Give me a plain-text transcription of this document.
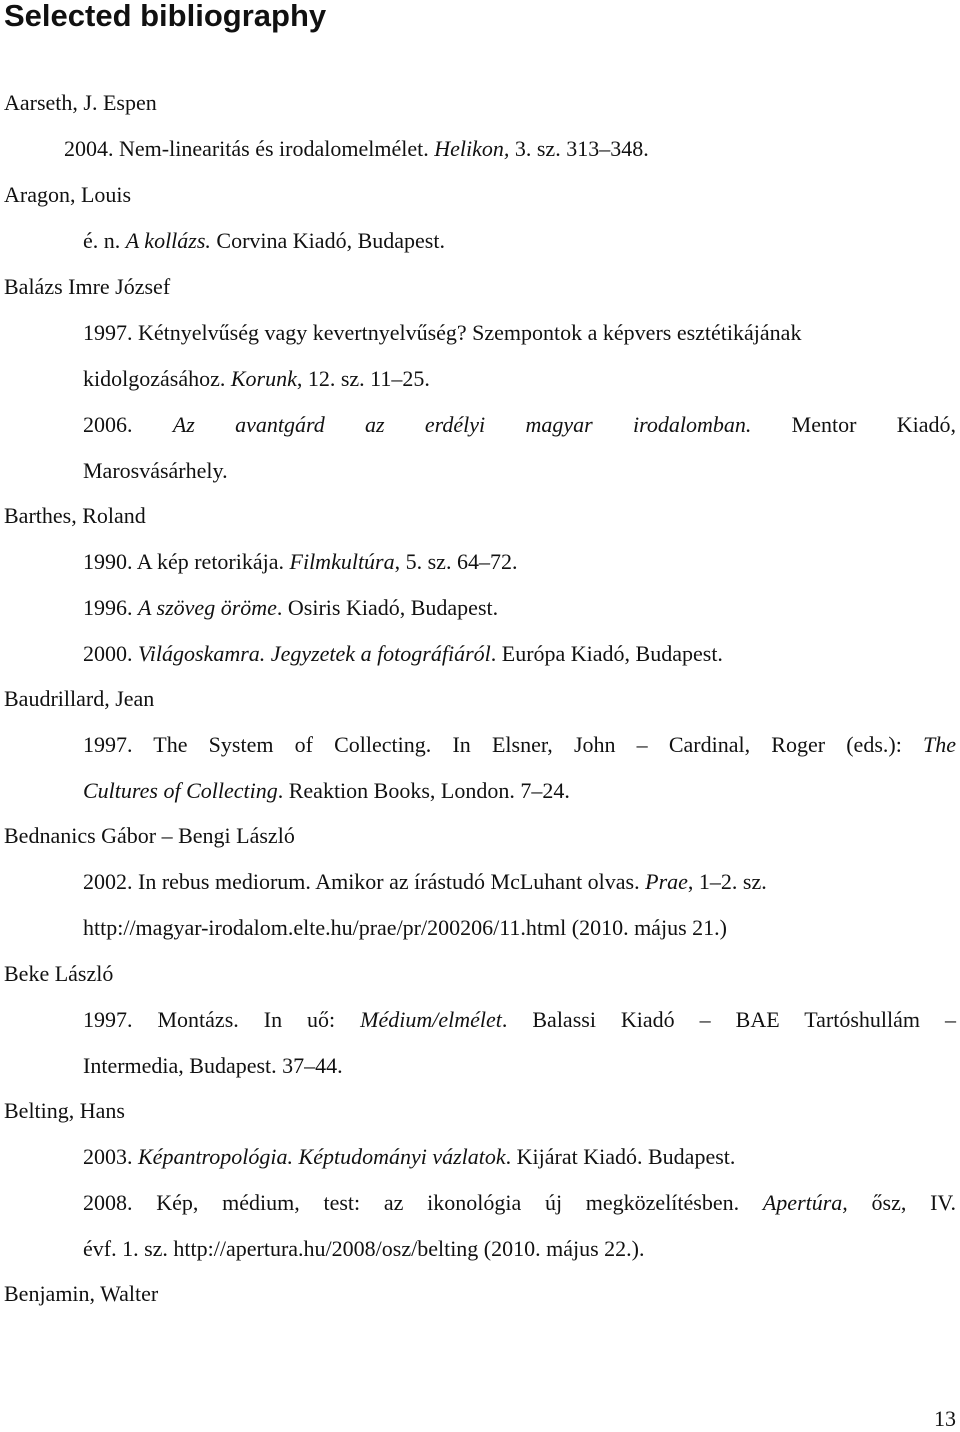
Selected bibliography
Aarseth, J. Espen
2004. Nem-linearitás és irodalomelmélet. Helikon, 3. sz. 313–348.
Aragon, Louis
é. n. A kollázs. Corvina Kiadó, Budapest.
Balázs Imre József
1997. Kétnyelvűség vagy kevertnyelvűség? Szempontok a képvers esztétikájának
kidolgozásához. Korunk, 12. sz. 11–25.
2006. Az avantgárd az erdélyi magyar irodalomban. Mentor Kiadó,
Marosvásárhely.
Barthes, Roland
1990. A kép retorikája. Filmkultúra, 5. sz. 64–72.
1996. A szöveg öröme. Osiris Kiadó, Budapest.
2000. Világoskamra. Jegyzetek a fotográfiáról. Európa Kiadó, Budapest.
Baudrillard, Jean
1997. The System of Collecting. In Elsner, John – Cardinal, Roger (eds.): The
Cultures of Collecting. Reaktion Books, London. 7–24.
Bednanics Gábor – Bengi László
2002. In rebus mediorum. Amikor az írástudó McLuhant olvas. Prae, 1–2. sz.
http://magyar-irodalom.elte.hu/prae/pr/200206/11.html (2010. május 21.)
Beke László
1997. Montázs. In uő: Médium/elmélet. Balassi Kiadó – BAE Tartóshullám –
Intermedia, Budapest. 37–44.
Belting, Hans
2003. Képantropológia. Képtudományi vázlatok. Kijárat Kiadó. Budapest.
2008. Kép, médium, test: az ikonológia új megközelítésben. Apertúra, ősz, IV.
évf. 1. sz. http://apertura.hu/2008/osz/belting (2010. május 22.).
Benjamin, Walter
13
